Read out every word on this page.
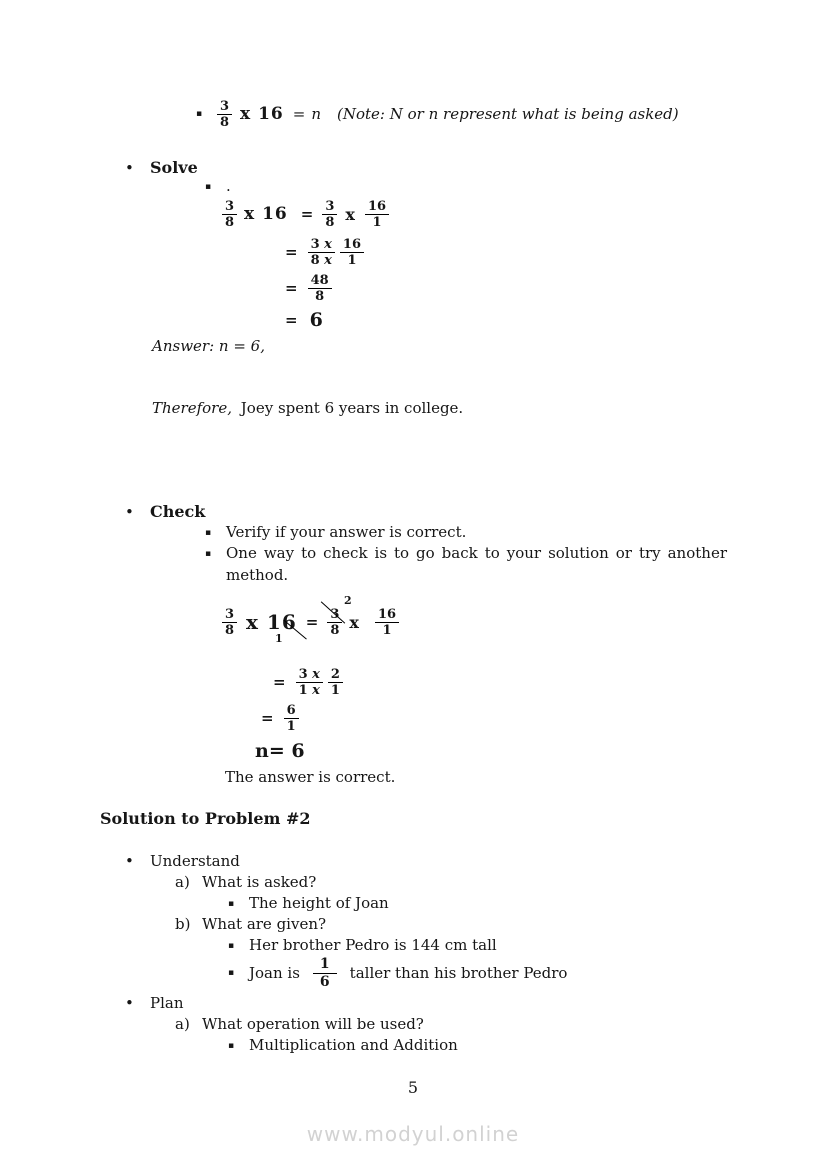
▪	$\frac{3}{8}$ x 16 = n (Note: N or n represent what is being asked)
• Solve
▪ .
$\frac{3}{8}$ x $16 = \frac{3}{8}$ x $\frac{16}{1}$
= $\frac{3 x}{8 x} \frac{16}{1}$
= $\frac{48}{8}$
= 6
Answer: n = 6,
Therefore, Joey spent 6 years in college.
• Check
▪ Verify if your answer is correct.
▪ One way to check is to go back to your solution or try another
method.
$\frac{3}{8}$ x $16 = \frac{3}{8}$ x $\frac{16}{1}$
1
2
= $\frac{3 x}{1 x} \frac{2}{1}$
= $\frac{6}{1}$
n= 6
The answer is correct.
Solution to Problem #2
• Understand
a) What is asked?
▪ The height of Joan
b) What are given?
▪ Her brother Pedro is 144 cm tall
▪ Joan is $\frac{1}{6}$ taller than his brother Pedro
• Plan
a) What operation will be used?
▪ Multiplication and Addition
5
www.modyul.online
